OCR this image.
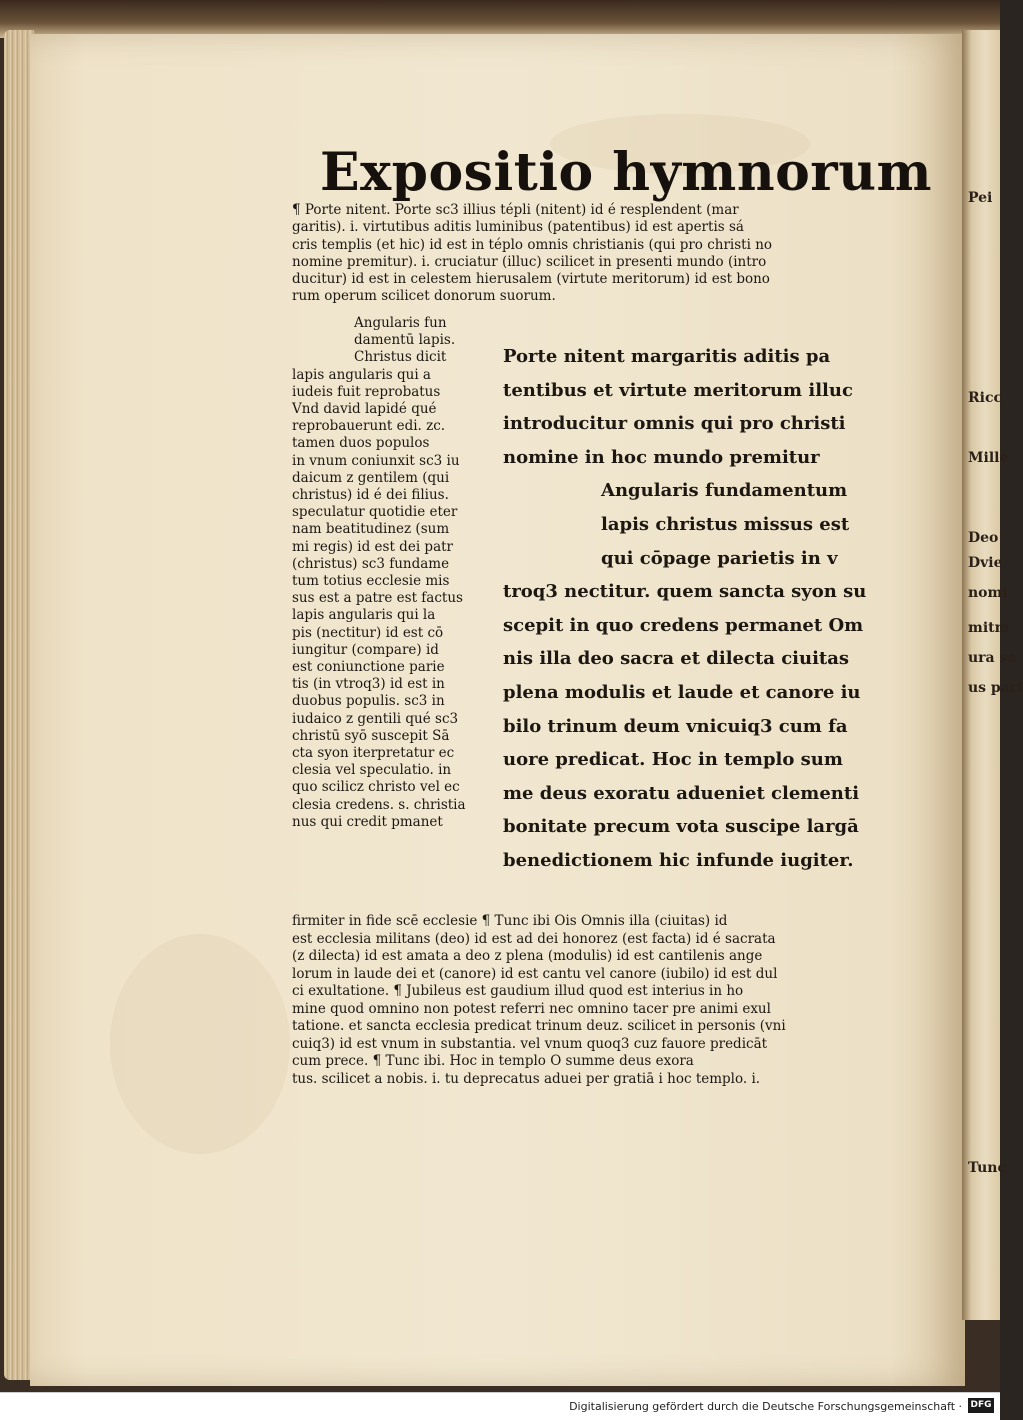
Pei
Ricc
Mille
Deo
Dvie
nomi
mitm
ura sa
us pari
Tunc
Expositio hymnorum
¶ Porte nitent. Porte sc3 illius tépli (nitent) id é resplendent (mar
garitis). i. virtutibus aditis luminibus (patentibus) id est apertis sá
cris templis (et hic) id est in téplo omnis christianis (qui pro christi no
nomine premitur). i. cruciatur (illuc) scilicet in presenti mundo (intro
ducitur) id est in celestem hierusalem (virtute meritorum) id est bono
rum operum scilicet donorum suorum.
Angularis fun
damentū lapis.
Christus dicit
lapis angularis qui a
iudeis fuit reprobatus
Vnd david lapidé qué
reprobauerunt edi. zc.
tamen duos populos
in vnum coniunxit sc3 iu
daicum z gentilem (qui
christus) id é dei filius.
speculatur quotidie eter
nam beatitudinez (sum
mi regis) id est dei patr
(christus) sc3 fundame
tum totius ecclesie mis
sus est a patre est factus
lapis angularis qui la
pis (nectitur) id est cō
iungitur (compare) id
est coniunctione parie
tis (in vtroq3) id est in
duobus populis. sc3 in
iudaico z gentili qué sc3
christū syō suscepit Sā
cta syon iterpretatur ec
clesia vel speculatio. in
quo scilicz christo vel ec
clesia credens. s. christia
nus qui credit pmanet
Porte nitent margaritis aditis pa
tentibus et virtute meritorum illuc
introducitur omnis qui pro christi
nomine in hoc mundo premitur
Angularis fundamentum
lapis christus missus est
qui cōpage parietis in v
troq3 nectitur. quem sancta syon su
scepit in quo credens permanet Om
nis illa deo sacra et dilecta ciuitas
plena modulis et laude et canore iu
bilo trinum deum vnicuiq3 cum fa
uore predicat. Hoc in templo sum
me deus exoratu adueniet clementi
bonitate precum vota suscipe largā
benedictionem hic infunde iugiter.
firmiter in fide scē ecclesie ¶ Tunc ibi Ois Omnis illa (ciuitas) id
est ecclesia militans (deo) id est ad dei honorez (est facta) id é sacrata
(z dilecta) id est amata a deo z plena (modulis) id est cantilenis ange
lorum in laude dei et (canore) id est cantu vel canore (iubilo) id est dul
ci exultatione. ¶ Jubileus est gaudium illud quod est interius in ho
mine quod omnino non potest referri nec omnino tacer pre animi exul
tatione. et sancta ecclesia predicat trinum deuz. scilicet in personis (vni
cuiq3) id est vnum in substantia. vel vnum quoq3 cuz fauore predicāt
cum prece. ¶ Tunc ibi. Hoc in templo O summe deus exora
tus. scilicet a nobis. i. tu deprecatus aduei per gratiā i hoc templo. i.
Digitalisierung gefördert durch die Deutsche Forschungsgemeinschaft · DFG
